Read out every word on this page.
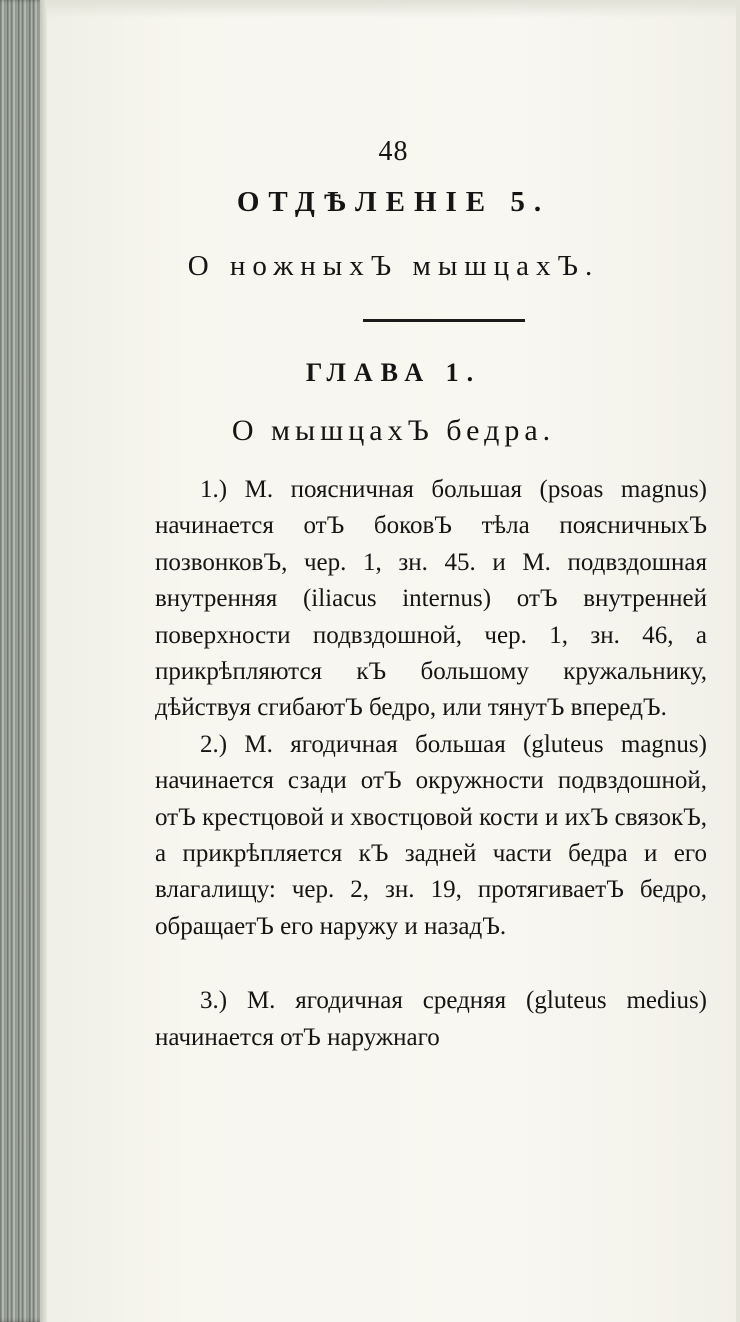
48
ОТДѢЛЕНІЕ 5.
О ножныхЪ мышцахЪ.
ГЛАВА 1.
О мышцахЪ бедра.

1.) М. поясничная большая (psoas magnus) начинается отЪ боковЪ тѣла поясничныхЪ позвонковЪ, чер. 1, зн. 45. и М. подвздошная внутренняя (iliacus internus) отЪ внутренней поверхности подвздошной, чер. 1, зн. 46, а прикрѣпляются кЪ большому кружальнику, дѣйствуя сгибаютЪ бедро, или тянутЪ впередЪ.

2.) М. ягодичная большая (gluteus magnus) начинается сзади отЪ окружности подвздошной, отЪ крестцовой и хвостцовой кости и ихЪ связокЪ, а прикрѣпляется кЪ задней части бедра и его влагалищу: чер. 2, зн. 19, протягиваетЪ бедро, обращаетЪ его наружу и назадЪ.

3.) М. ягодичная средняя (gluteus medius) начинается отЪ наружнаго
